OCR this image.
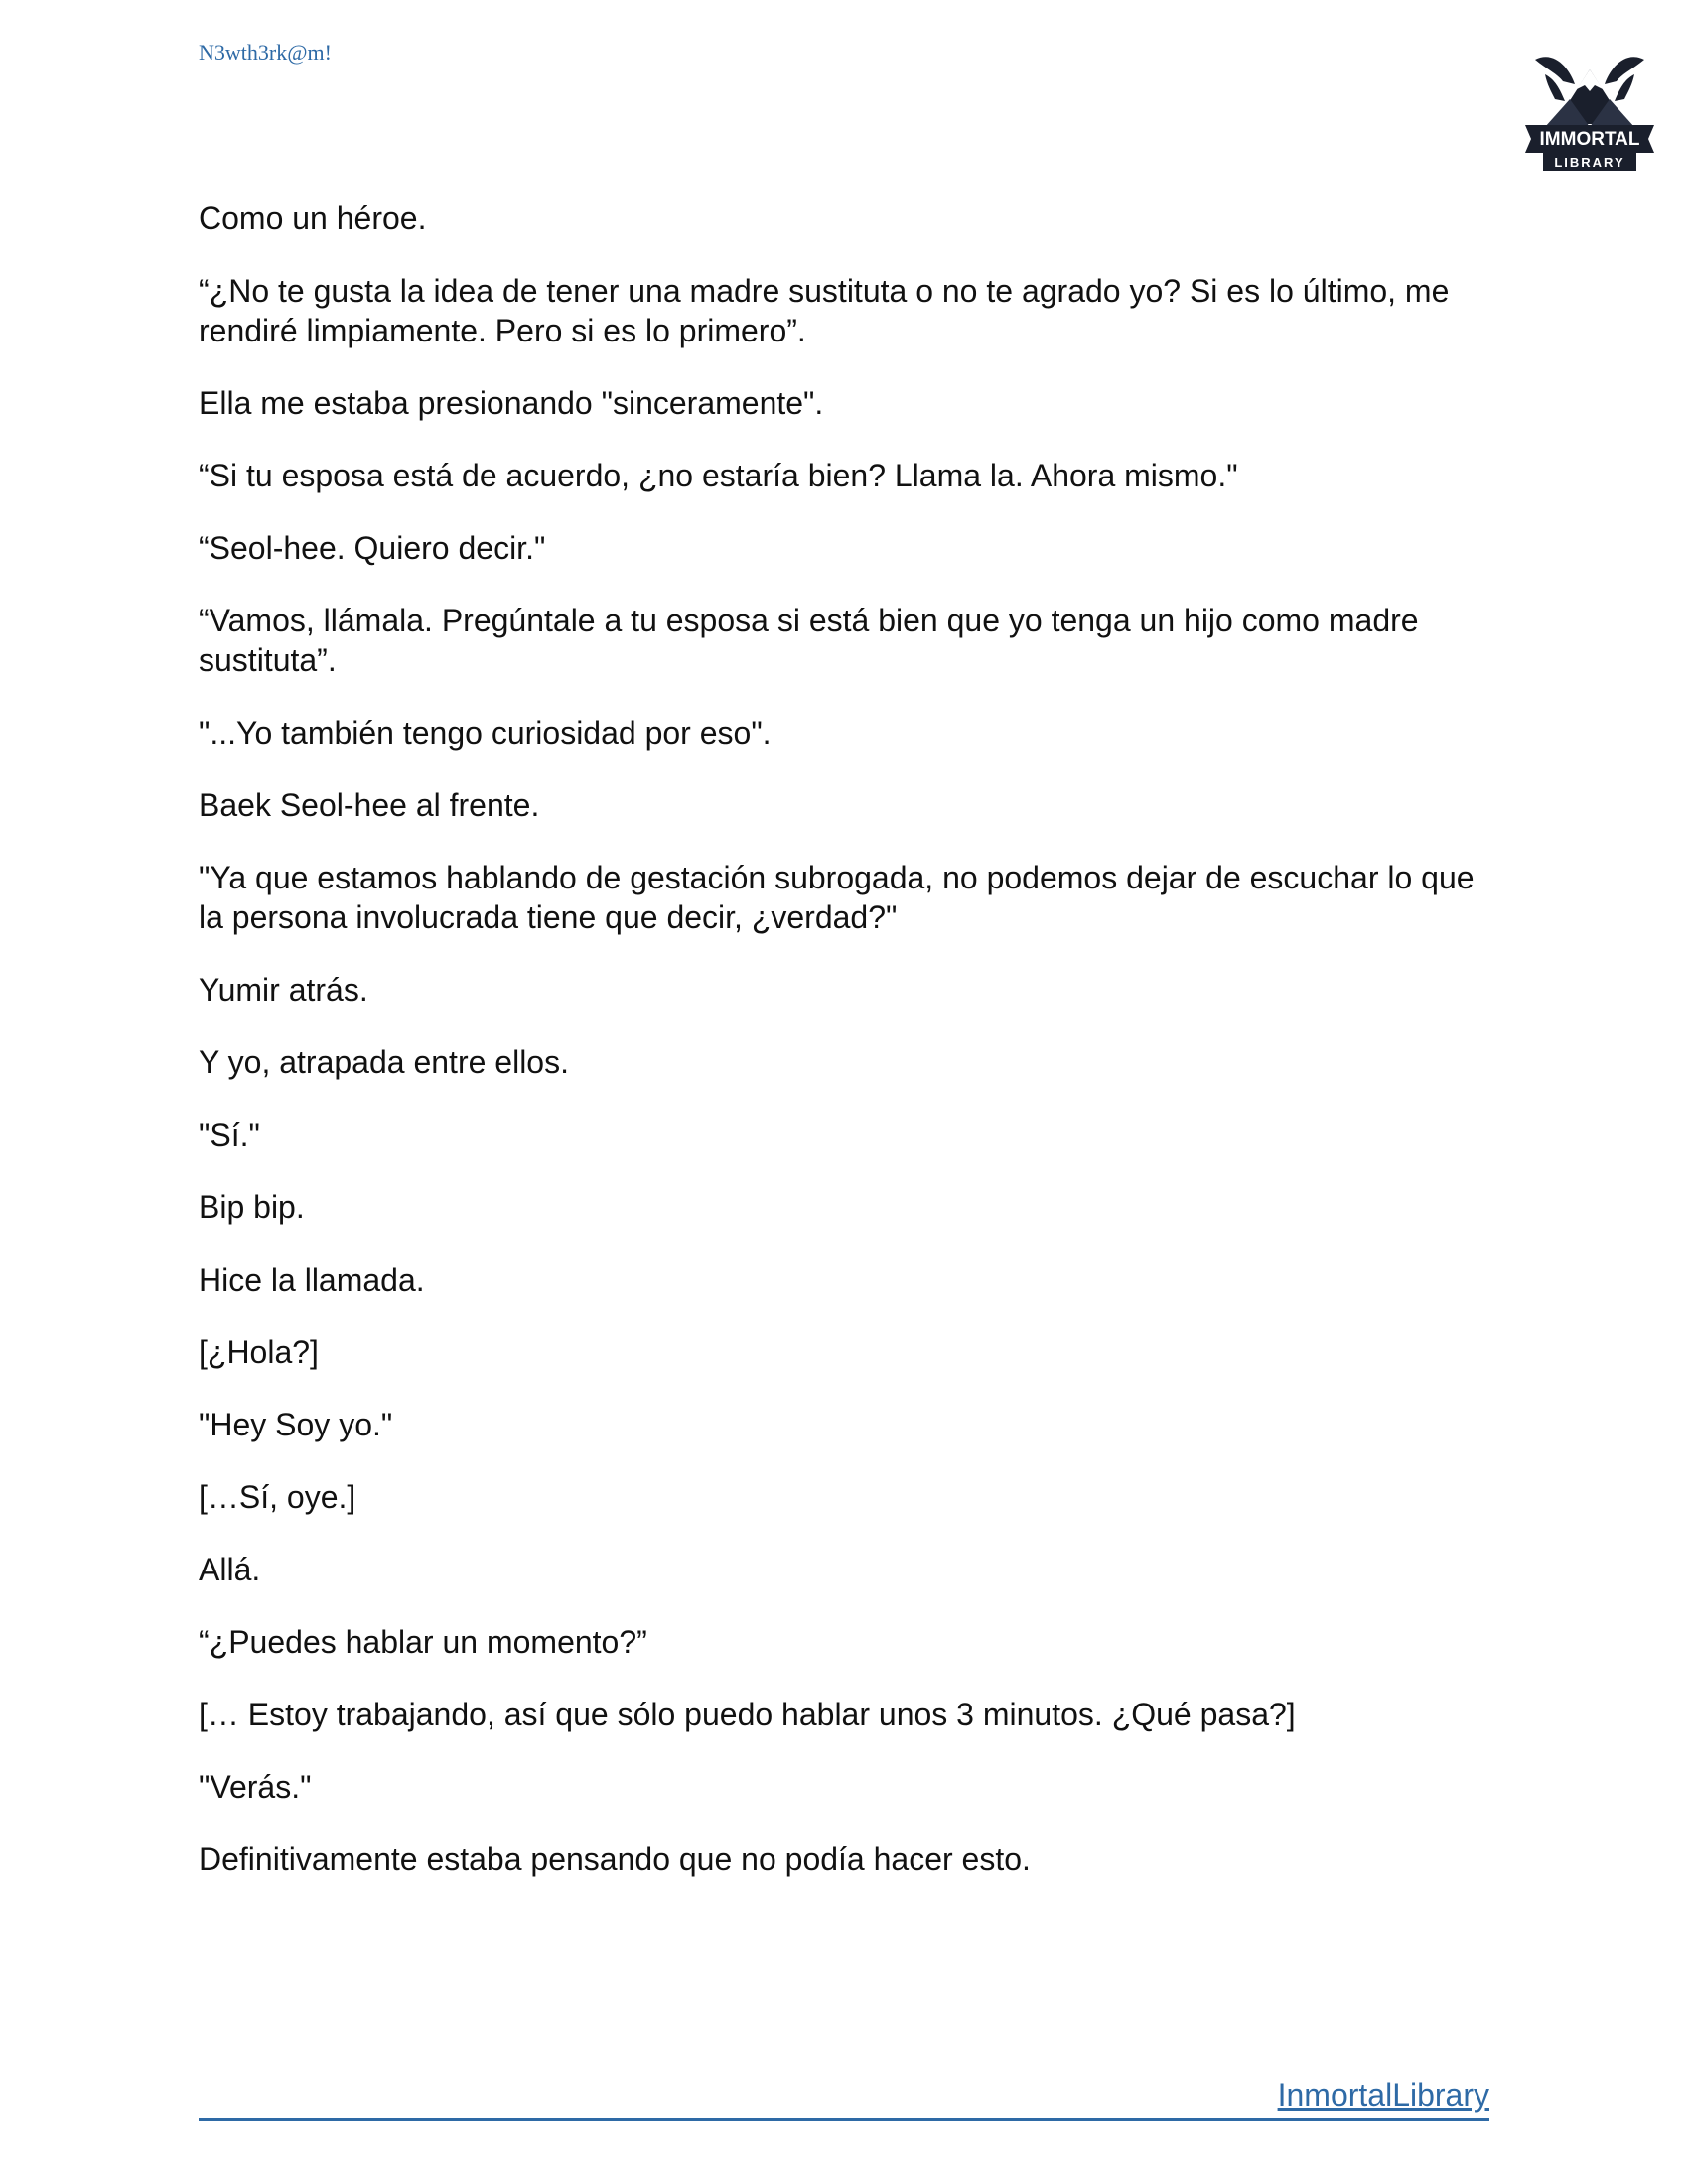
N3wth3rk@m!
IMMORTAL
LIBRARY

Como un héroe.

“¿No te gusta la idea de tener una madre sustituta o no te agrado yo? Si es lo último, me rendiré limpiamente. Pero si es lo primero”.

Ella me estaba presionando "sinceramente".

“Si tu esposa está de acuerdo, ¿no estaría bien? Llama la. Ahora mismo."

“Seol-hee. Quiero decir."

“Vamos, llámala. Pregúntale a tu esposa si está bien que yo tenga un hijo como madre sustituta”.

"...Yo también tengo curiosidad por eso".

Baek Seol-hee al frente.

"Ya que estamos hablando de gestación subrogada, no podemos dejar de escuchar lo que la persona involucrada tiene que decir, ¿verdad?"

Yumir atrás.

Y yo, atrapada entre ellos.

"Sí."

Bip bip.

Hice la llamada.

[¿Hola?]

"Hey Soy yo."

[…Sí, oye.]

Allá.

“¿Puedes hablar un momento?”

[… Estoy trabajando, así que sólo puedo hablar unos 3 minutos. ¿Qué pasa?]

"Verás."

Definitivamente estaba pensando que no podía hacer esto.

InmortalLibrary
